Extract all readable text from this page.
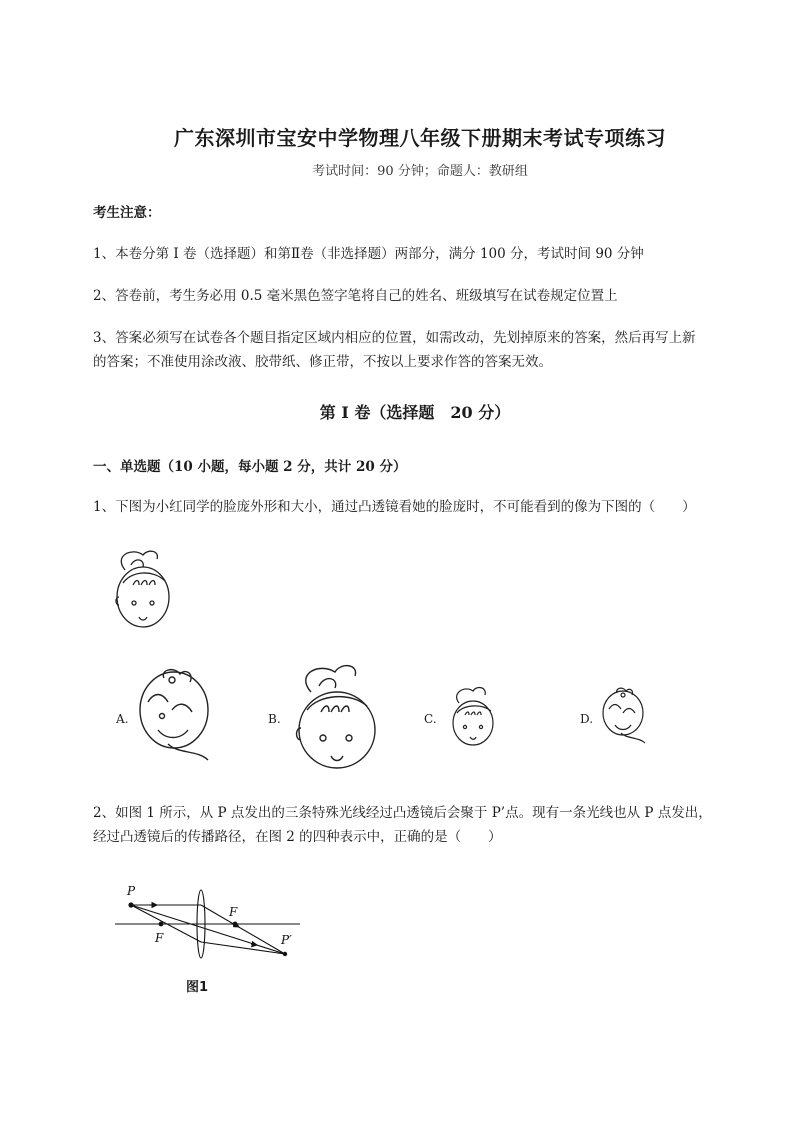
广东深圳市宝安中学物理八年级下册期末考试专项练习
考试时间：90 分钟；命题人：教研组
考生注意：
1、本卷分第 I 卷（选择题）和第Ⅱ卷（非选择题）两部分，满分 100 分，考试时间 90 分钟
2、答卷前，考生务必用 0.5 毫米黑色签字笔将自己的姓名、班级填写在试卷规定位置上
3、答案必须写在试卷各个题目指定区域内相应的位置，如需改动，先划掉原来的答案，然后再写上新
的答案；不准使用涂改液、胶带纸、修正带，不按以上要求作答的答案无效。
第 I 卷（选择题　20 分）
一、单选题（10 小题，每小题 2 分，共计 20 分）
1、下图为小红同学的脸庞外形和大小，通过凸透镜看她的脸庞时，不可能看到的像为下图的（　　）
A.	B.	C.	D.
2、如图 1 所示，从 P 点发出的三条特殊光线经过凸透镜后会聚于 P’点。现有一条光线也从 P 点发出，
经过凸透镜后的传播路径，在图 2 的四种表示中，正确的是（　　）
P
F
F
P′
图1
